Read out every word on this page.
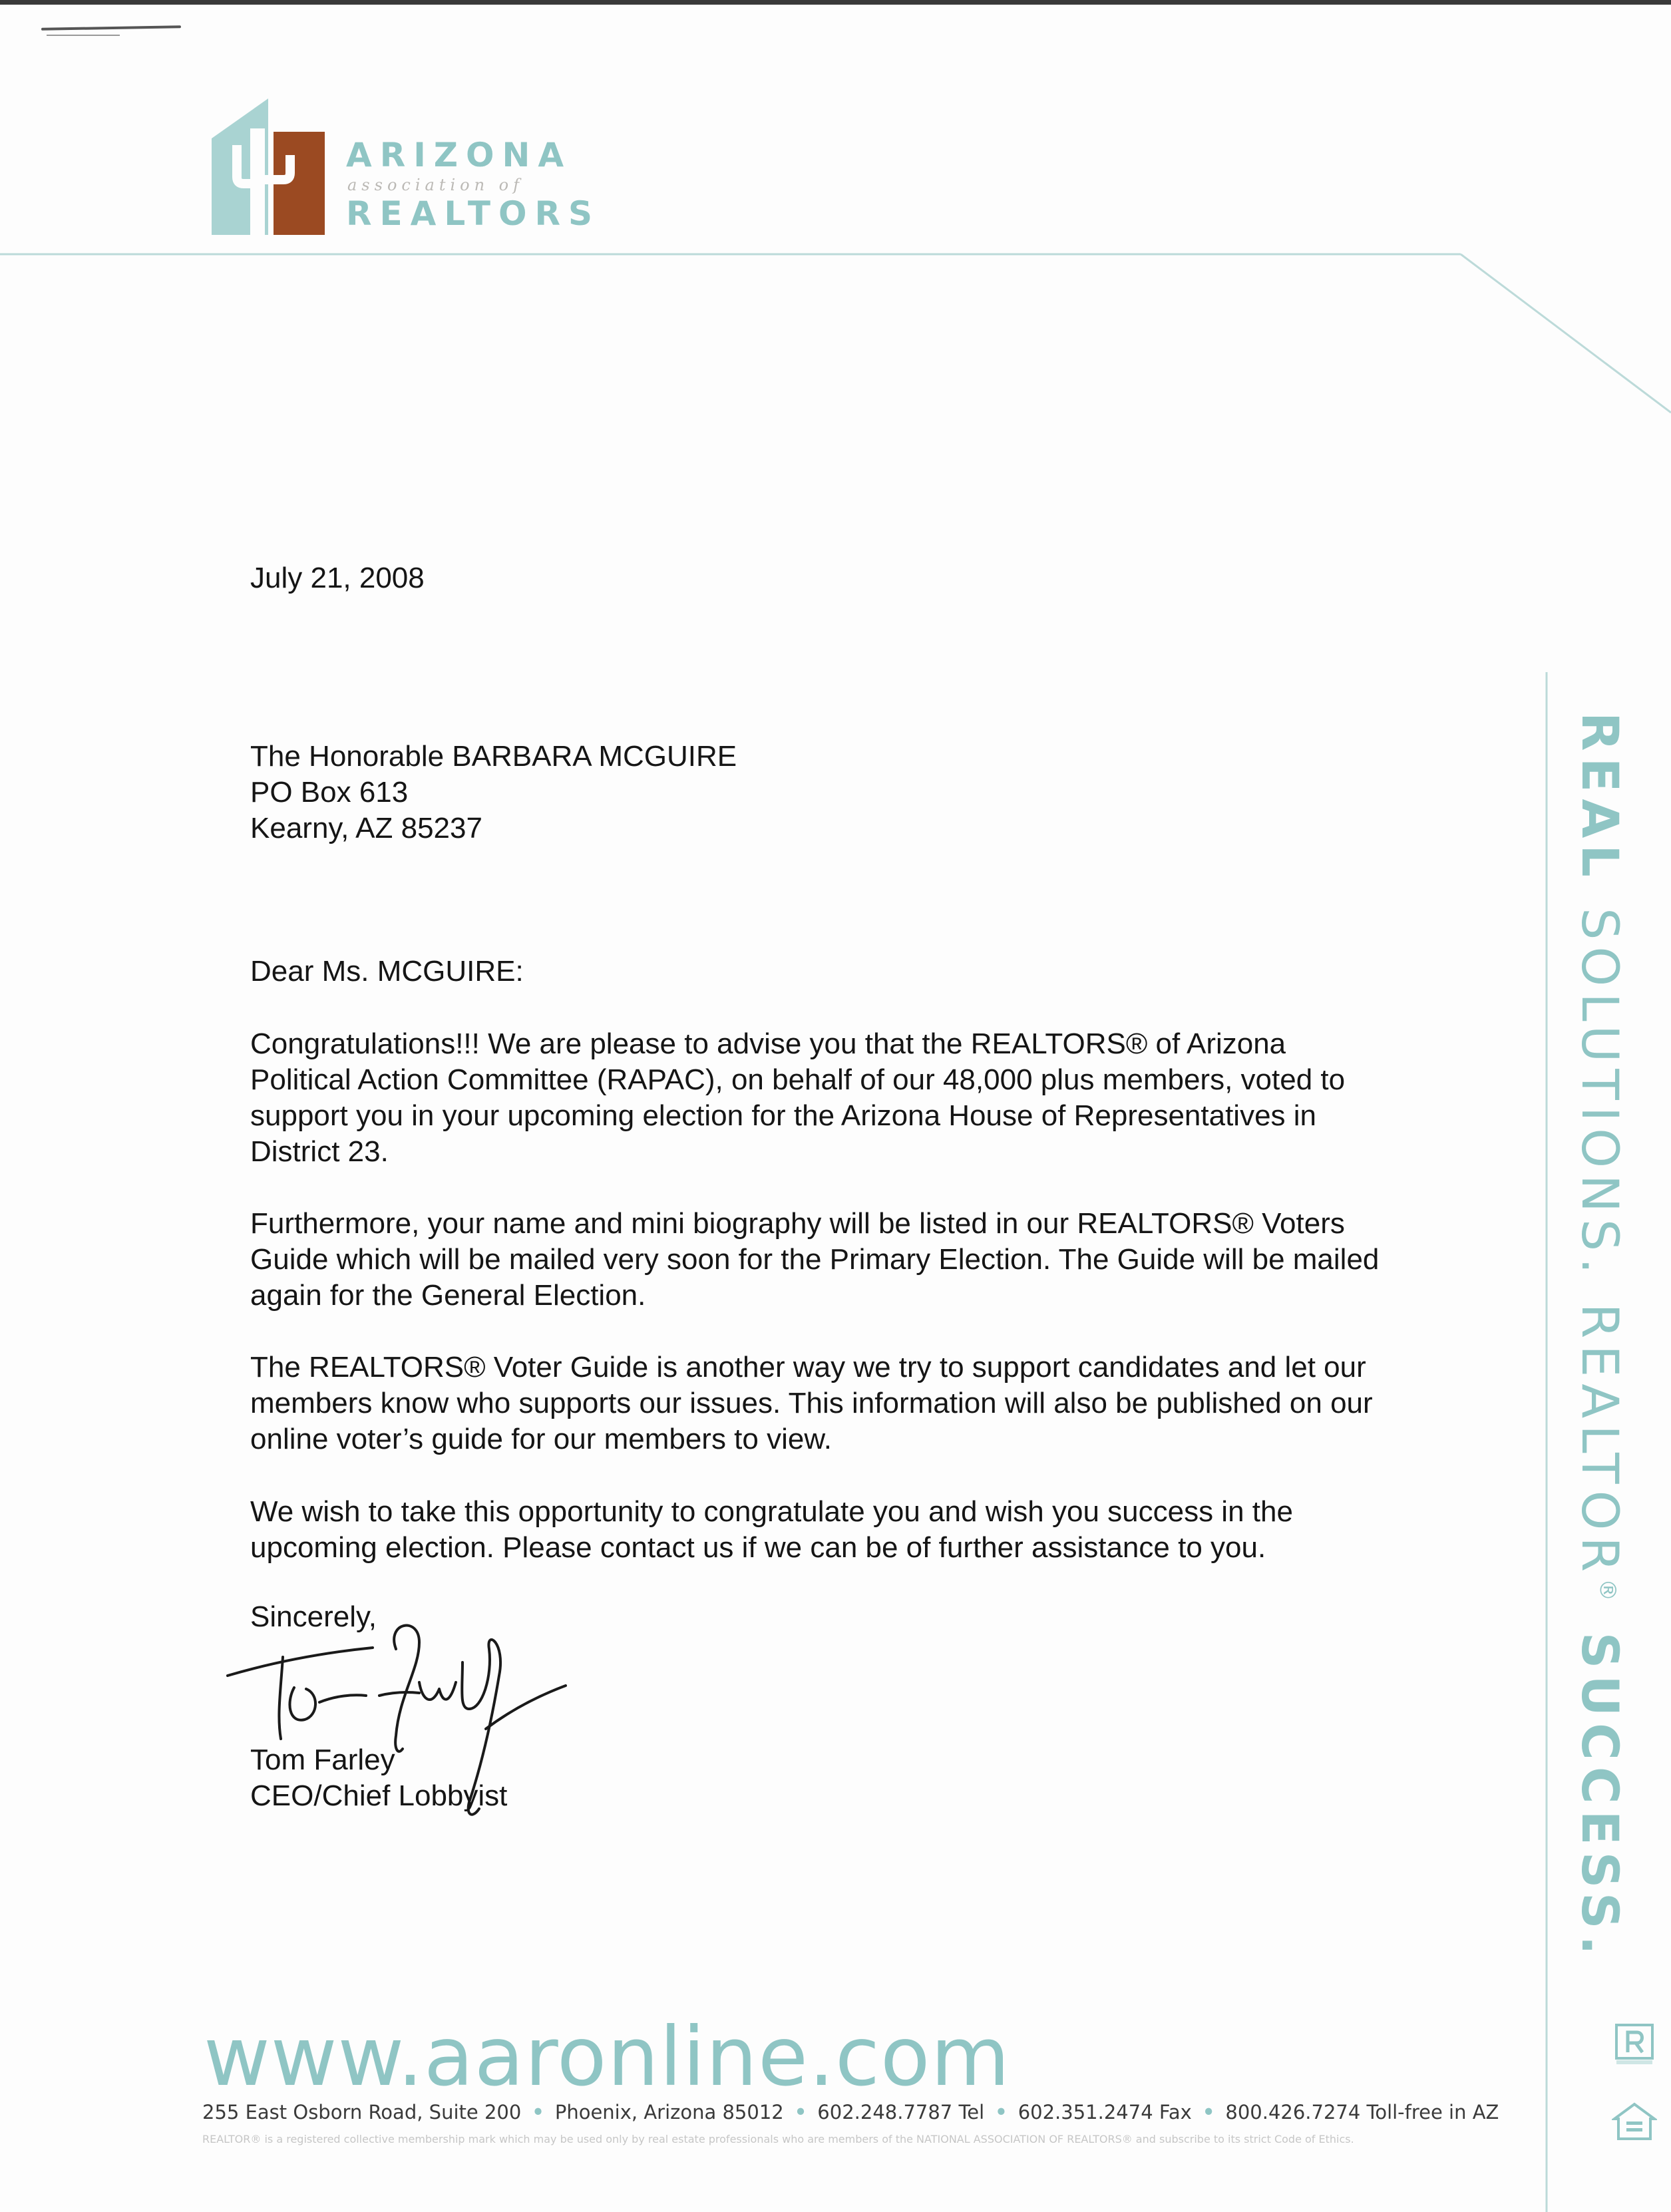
ARIZONA
association of
REALTORS
July 21, 2008

The Honorable BARBARA MCGUIRE

PO Box 613

Kearny, AZ 85237

Dear Ms. MCGUIRE:

Congratulations!!! We are please to advise you that the REALTORS® of Arizona

Political Action Committee (RAPAC), on behalf of our 48,000 plus members, voted to

support you in your upcoming election for the Arizona House of Representatives in

District 23.

Furthermore, your name and mini biography will be listed in our REALTORS® Voters

Guide which will be mailed very soon for the Primary Election. The Guide will be mailed

again for the General Election.

The REALTORS® Voter Guide is another way we try to support candidates and let our

members know who supports our issues. This information will also be published on our

online voter’s guide for our members to view.

We wish to take this opportunity to congratulate you and wish you success in the

upcoming election. Please contact us if we can be of further assistance to you.

Sincerely,

Tom Farley

CEO/Chief Lobbyist

REAL SOLUTIONS. REALTOR® SUCCESS.
www.aaronline.com
255 East Osborn Road, Suite 200 • Phoenix, Arizona 85012 • 602.248.7787 Tel • 602.351.2474 Fax • 800.426.7274 Toll-free in AZ
REALTOR® is a registered collective membership mark which may be used only by real estate professionals who are members of the NATIONAL ASSOCIATION OF REALTORS® and subscribe to its strict Code of Ethics.
